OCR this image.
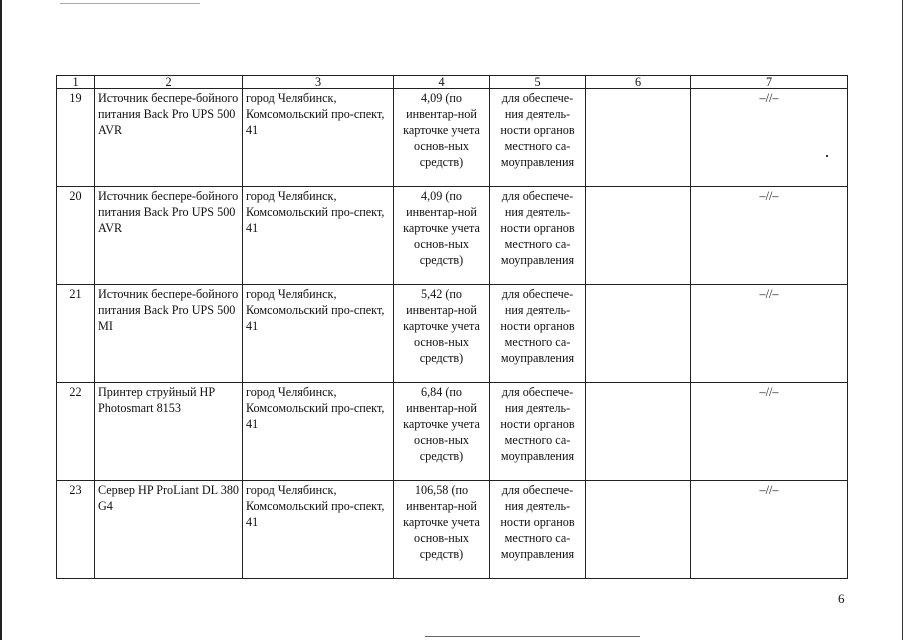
1	2	3	4	5	6	7
19	Источник беспере-бойного питания Back Pro UPS 500 AVR	город Челябинск, Комсомольский про-спект, 41	4,09 (по инвентар-ной карточке учета основ-ных средств)	для обеспече-ния деятель-ности органов местного са-моуправления		–//–
20	Источник беспере-бойного питания Back Pro UPS 500 AVR	город Челябинск, Комсомольский про-спект, 41	4,09 (по инвентар-ной карточке учета основ-ных средств)	для обеспече-ния деятель-ности органов местного са-моуправления		–//–
21	Источник беспере-бойного питания Back Pro UPS 500 MI	город Челябинск, Комсомольский про-спект, 41	5,42 (по инвентар-ной карточке учета основ-ных средств)	для обеспече-ния деятель-ности органов местного са-моуправления		–//–
22	Принтер струйный HP Photosmart 8153	город Челябинск, Комсомольский про-спект, 41	6,84 (по инвентар-ной карточке учета основ-ных средств)	для обеспече-ния деятель-ности органов местного са-моуправления		–//–
23	Сервер HP ProLiant DL 380 G4	город Челябинск, Комсомольский про-спект, 41	106,58 (по инвентар-ной карточке учета основ-ных средств)	для обеспече-ния деятель-ности органов местного са-моуправления		–//–
6
